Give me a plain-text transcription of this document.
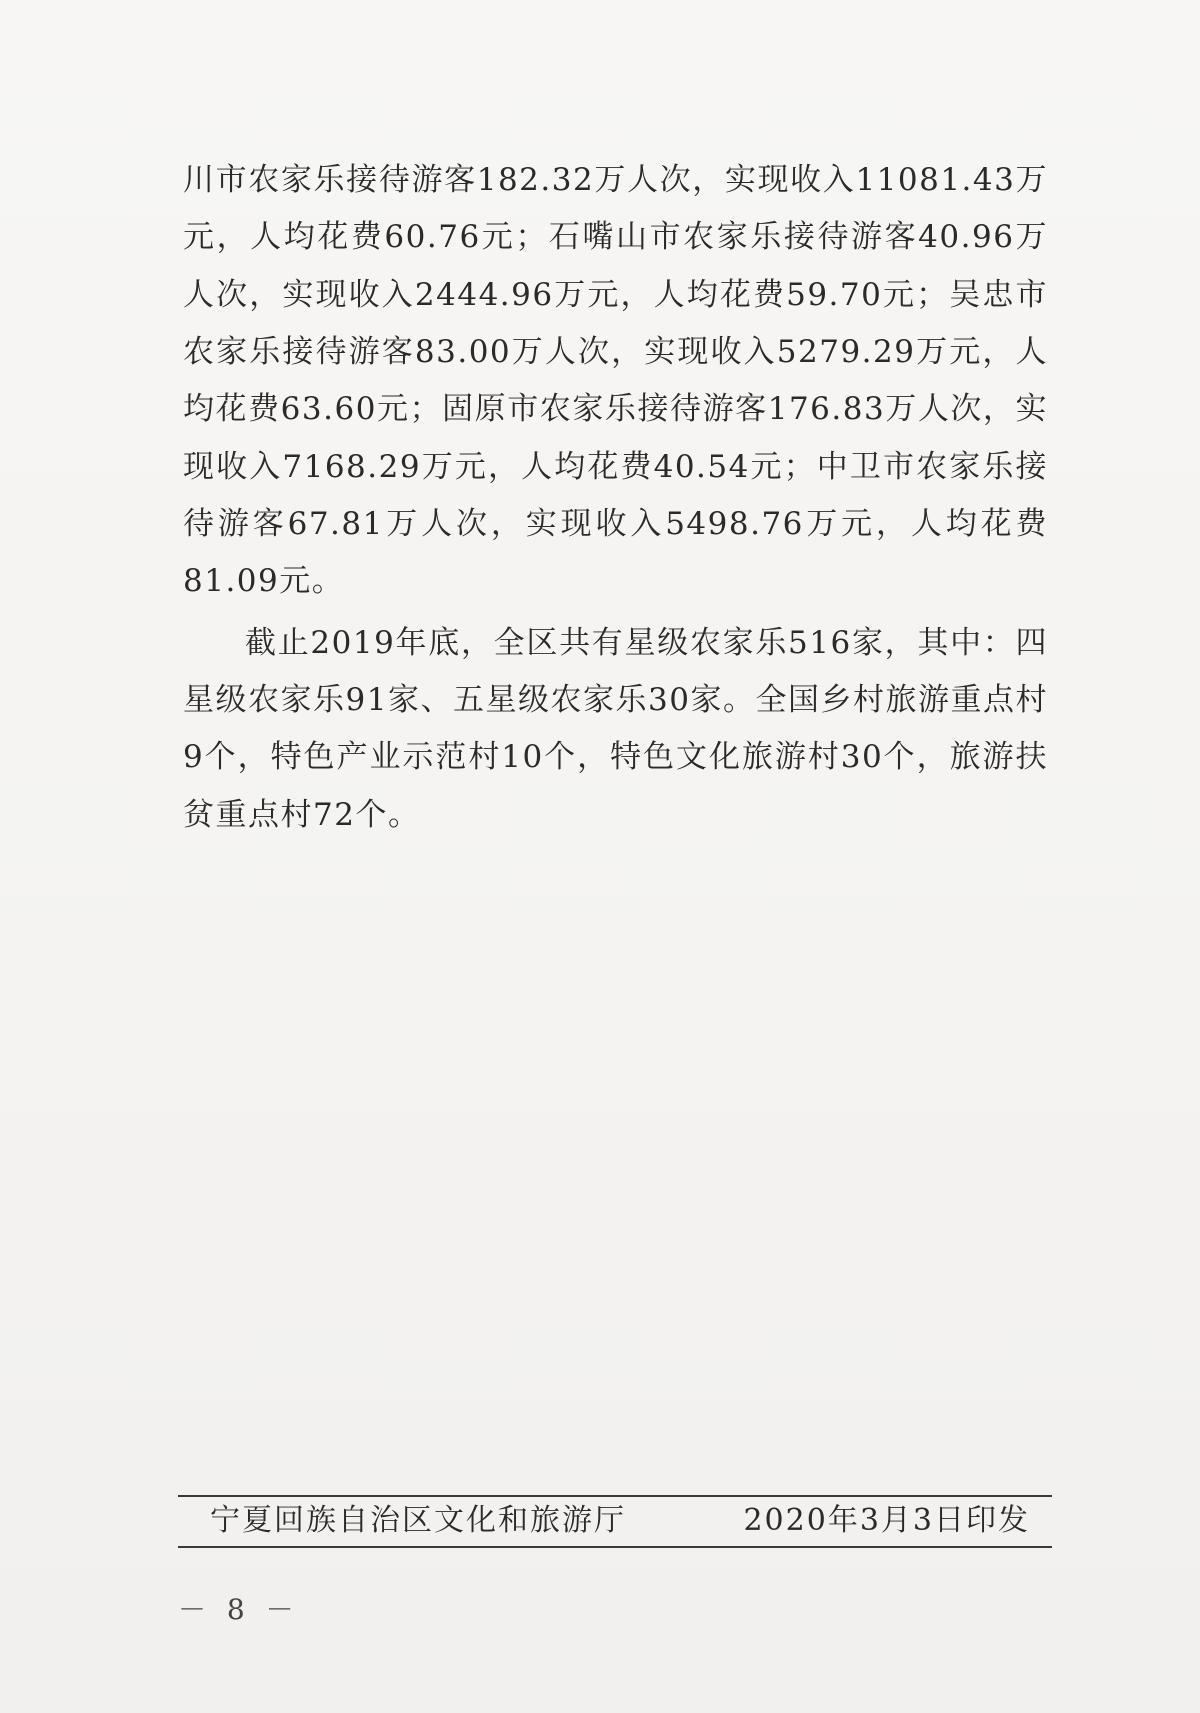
川市农家乐接待游客182.32万人次，实现收入11081.43万元，人均花费60.76元；石嘴山市农家乐接待游客40.96万人次，实现收入2444.96万元，人均花费59.70元；吴忠市农家乐接待游客83.00万人次，实现收入5279.29万元，人均花费63.60元；固原市农家乐接待游客176.83万人次，实现收入7168.29万元，人均花费40.54元；中卫市农家乐接待游客67.81万人次，实现收入5498.76万元，人均花费81.09元。

截止2019年底，全区共有星级农家乐516家，其中：四星级农家乐91家、五星级农家乐30家。全国乡村旅游重点村9个，特色产业示范村10个，特色文化旅游村30个，旅游扶贫重点村72个。

宁夏回族自治区文化和旅游厅	2020年3月3日印发
－ 8 －
